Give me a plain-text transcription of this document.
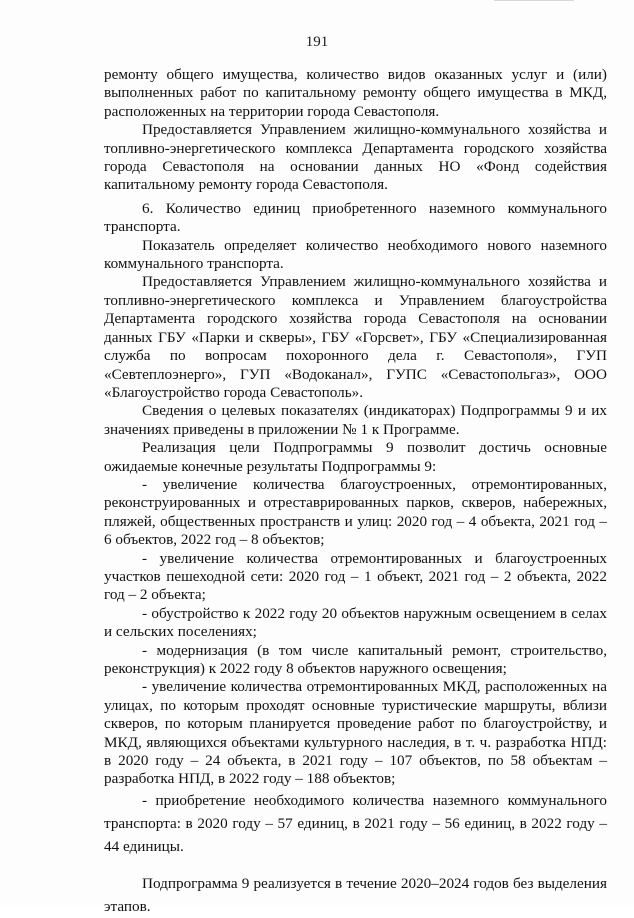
191

ремонту общего имущества, количество видов оказанных услуг и (или) выполненных работ по капитальному ремонту общего имущества в МКД, расположенных на территории города Севастополя.

Предоставляется Управлением жилищно-коммунального хозяйства и топливно-энергетического комплекса Департамента городского хозяйства города Севастополя на основании данных НО «Фонд содействия капитальному ремонту города Севастополя.

6. Количество единиц приобретенного наземного коммунального транспорта.

Показатель определяет количество необходимого нового наземного коммунального транспорта.

Предоставляется Управлением жилищно-коммунального хозяйства и топливно-энергетического комплекса и Управлением благоустройства Департамента городского хозяйства города Севастополя на основании данных ГБУ «Парки и скверы», ГБУ «Горсвет», ГБУ «Специализированная служба по вопросам похоронного дела г. Севастополя», ГУП «Севтеплоэнерго», ГУП «Водоканал», ГУПС «Севастопольгаз», ООО «Благоустройство города Севастополь».

Сведения о целевых показателях (индикаторах) Подпрограммы 9 и их значениях приведены в приложении № 1 к Программе.

Реализация цели Подпрограммы 9 позволит достичь основные ожидаемые конечные результаты Подпрограммы 9:

- увеличение количества благоустроенных, отремонтированных, реконструированных и отреставрированных парков, скверов, набережных, пляжей, общественных пространств и улиц: 2020 год – 4 объекта, 2021 год – 6 объектов, 2022 год – 8 объектов;

- увеличение количества отремонтированных и благоустроенных участков пешеходной сети: 2020 год – 1 объект, 2021 год – 2 объекта, 2022 год – 2 объекта;

- обустройство к 2022 году 20 объектов наружным освещением в селах и сельских поселениях;

- модернизация (в том числе капитальный ремонт, строительство, реконструкция) к 2022 году 8 объектов наружного освещения;

- увеличение количества отремонтированных МКД, расположенных на улицах, по которым проходят основные туристические маршруты, вблизи скверов, по которым планируется проведение работ по благоустройству, и МКД, являющихся объектами культурного наследия, в т. ч. разработка НПД: в 2020 году – 24 объекта, в 2021 году – 107 объектов, по 58 объектам – разработка НПД, в 2022 году – 188 объектов;

- приобретение необходимого количества наземного коммунального транспорта: в 2020 году – 57 единиц, в 2021 году – 56 единиц, в 2022 году – 44 единицы.

Подпрограмма 9 реализуется в течение 2020–2024 годов без выделения этапов.
